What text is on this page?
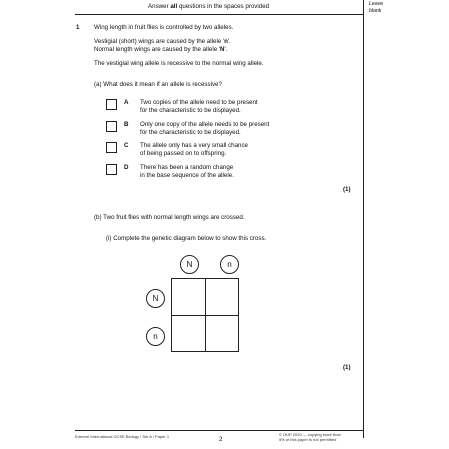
Answer all questions in the spaces provided	Leave
blank
1 Wing length in fruit flies is controlled by two alleles.
Vestigial (short) wings are caused by the allele 'n'.
Normal length wings are caused by the allele 'N'.
The vestigial wing allele is recessive to the normal wing allele.
(a) What does it mean if an allele is recessive?
A Two copies of the allele need to be present
for the characteristic to be displayed.
B Only one copy of the allele needs to be present
for the characteristic to be displayed.
C The allele only has a very small chance
of being passed on to offspring.
D There has been a random change
in the base sequence of the allele.
(1)
(b) Two fruit flies with normal length wings are crossed.
(i) Complete the genetic diagram below to show this cross.
N	n
N
n
(1)
Edexcel International GCSE Biology / Set A / Paper 1	2
© OUP 2020 — copying more than
5% of this paper is not permitted
